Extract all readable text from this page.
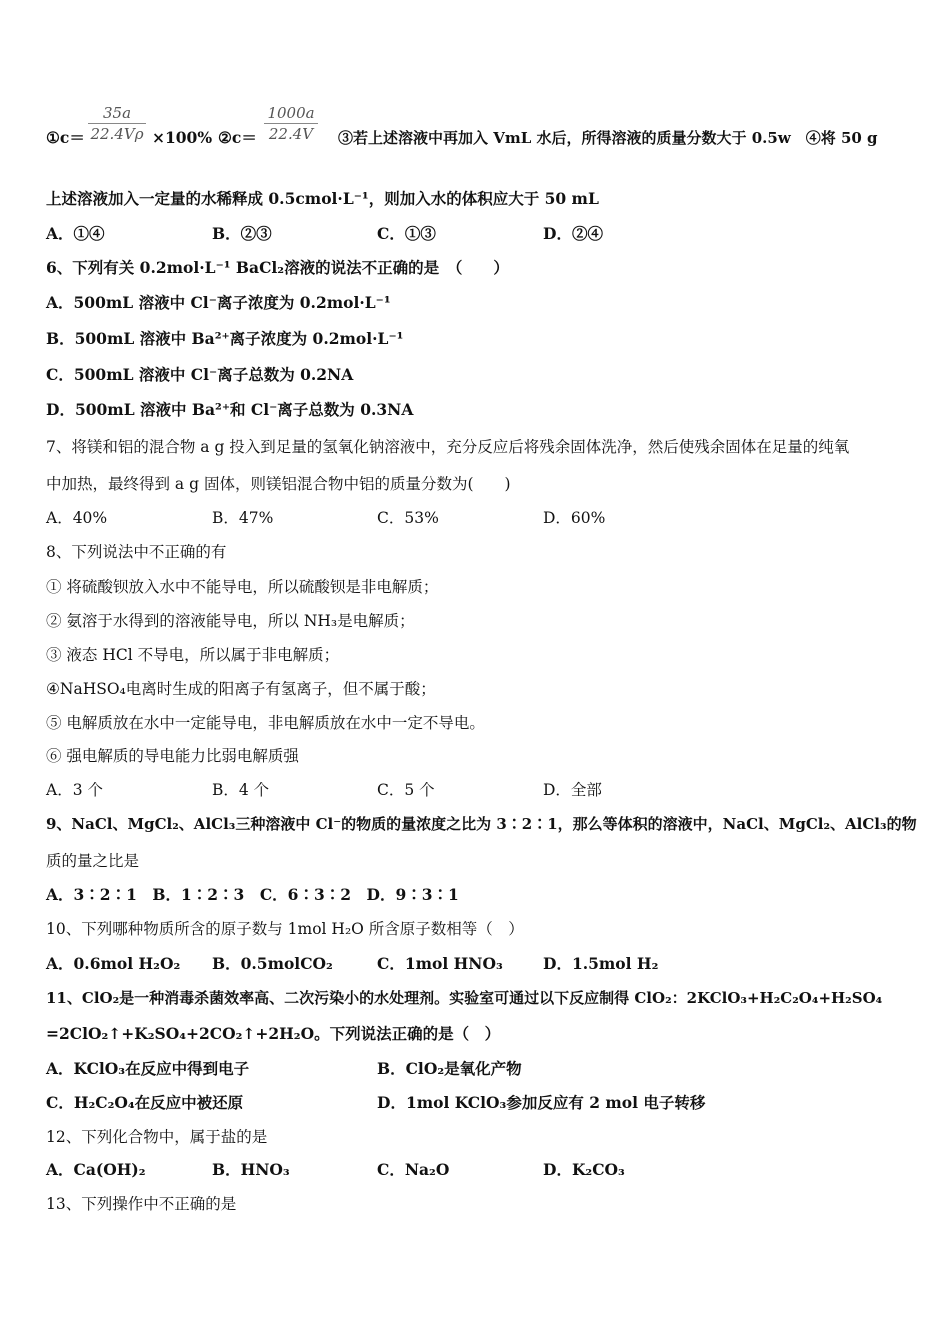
①c＝
35a
22.4Vρ ×100% ②c＝
1000a
22.4V	③若上述溶液中再加入 VmL 水后，所得溶液的质量分数大于 0.5w　④将 50 g
上述溶液加入一定量的水稀释成 0.5cmol·L⁻¹，则加入水的体积应大于 50 mL
A．①④	B．②③	C．①③	D．②④
6、下列有关 0.2mol·L⁻¹ BaCl₂溶液的说法不正确的是　（　　）
A．500mL 溶液中 Cl⁻离子浓度为 0.2mol·L⁻¹
B．500mL 溶液中 Ba²⁺离子浓度为 0.2mol·L⁻¹
C．500mL 溶液中 Cl⁻离子总数为 0.2NA
D．500mL 溶液中 Ba²⁺和 Cl⁻离子总数为 0.3NA
7、将镁和铝的混合物 a g 投入到足量的氢氧化钠溶液中，充分反应后将残余固体洗净，然后使残余固体在足量的纯氧
中加热，最终得到 a g 固体，则镁铝混合物中铝的质量分数为(　　)
A．40%	B．47%	C．53%	D．60%
8、下列说法中不正确的有
① 将硫酸钡放入水中不能导电，所以硫酸钡是非电解质；
② 氨溶于水得到的溶液能导电，所以 NH₃是电解质；
③ 液态 HCl 不导电，所以属于非电解质；
④NaHSO₄电离时生成的阳离子有氢离子，但不属于酸；
⑤ 电解质放在水中一定能导电，非电解质放在水中一定不导电。
⑥ 强电解质的导电能力比弱电解质强
A．3 个	B．4 个	C．5 个	D．全部
9、NaCl、MgCl₂、AlCl₃三种溶液中 Cl⁻的物质的量浓度之比为 3∶2∶1，那么等体积的溶液中，NaCl、MgCl₂、AlCl₃的物
质的量之比是
A．3∶2∶1　B．1∶2∶3　C．6∶3∶2　D．9∶3∶1
10、下列哪种物质所含的原子数与 1mol H₂O 所含原子数相等（　）
A．0.6mol H₂O₂ B．0.5molCO₂	C．1mol HNO₃	D．1.5mol H₂
11、ClO₂是一种消毒杀菌效率高、二次污染小的水处理剂。实验室可通过以下反应制得 ClO₂：2KClO₃+H₂C₂O₄+H₂SO₄
=2ClO₂↑+K₂SO₄+2CO₂↑+2H₂O。下列说法正确的是（　）
A．KClO₃在反应中得到电子	B．ClO₂是氧化产物
C．H₂C₂O₄在反应中被还原	D．1mol KClO₃参加反应有 2 mol 电子转移
12、下列化合物中，属于盐的是
A．Ca(OH)₂	B．HNO₃	C．Na₂O	D．K₂CO₃
13、下列操作中不正确的是
